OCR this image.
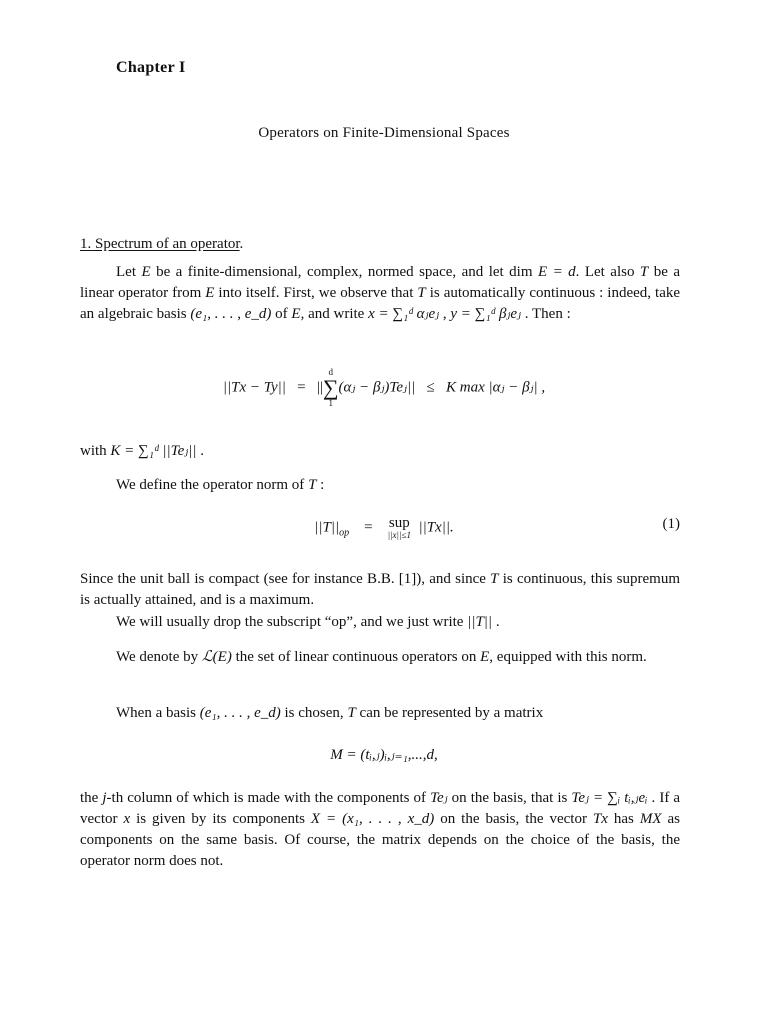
Chapter I
Operators on Finite-Dimensional Spaces
1. Spectrum of an operator.
Let E be a finite-dimensional, complex, normed space, and let dim E = d. Let also T be a linear operator from E into itself. First, we observe that T is automatically continuous : indeed, take an algebraic basis (e₁, . . . , e_d) of E, and write x = ∑₁ᵈ αⱼeⱼ , y = ∑₁ᵈ βⱼeⱼ . Then :
||Tx − Ty|| = ||
d
∑
1
(αⱼ − βⱼ)Teⱼ|| ≤ K max |αⱼ − βⱼ| ,
with K = ∑₁ᵈ ||Teⱼ|| .
We define the operator norm of T :
$||T||_{op}$ = sup
||x||≤1 ||Tx||.	(1)
Since the unit ball is compact (see for instance B.B. [1]), and since T is continuous, this supremum is actually attained, and is a maximum.
We will usually drop the subscript “op”, and we just write ||T|| .
We denote by ℒ(E) the set of linear continuous operators on E, equipped with this norm.
When a basis (e₁, . . . , e_d) is chosen, T can be represented by a matrix
M = (tᵢ,ⱼ)ᵢ,ⱼ₌₁,...,d,
the j-th column of which is made with the components of Teⱼ on the basis, that is Teⱼ = ∑ᵢ tᵢ,ⱼeᵢ . If a vector x is given by its components X = (x₁, . . . , x_d) on the basis, the vector Tx has MX as components on the same basis. Of course, the matrix depends on the choice of the basis, the operator norm does not.
